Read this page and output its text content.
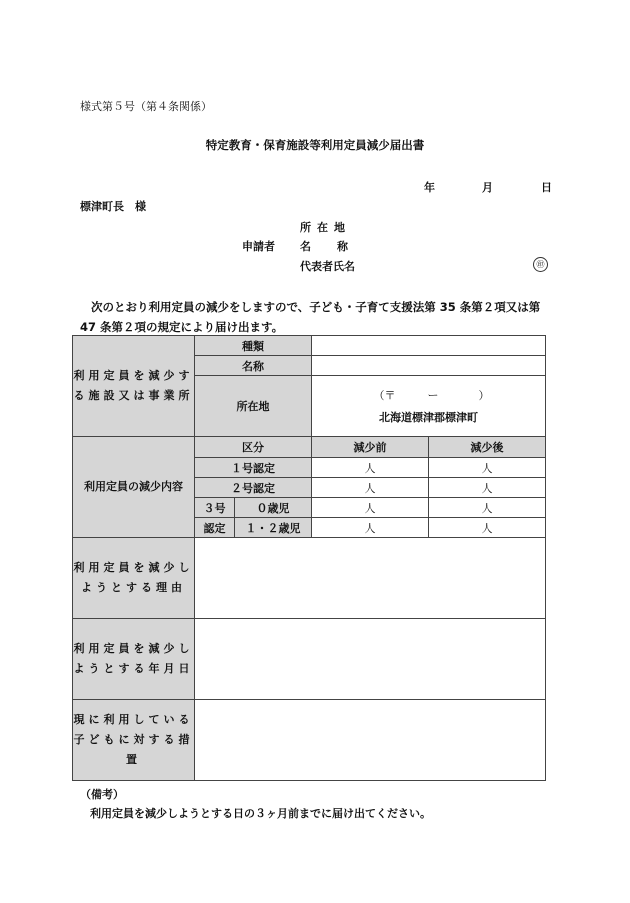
様式第５号（第４条関係）
特定教育・保育施設等利用定員減少届出書
年	月	日
標津町長　様
所在地
申請者 名 称
代表者氏名	㊞
次のとおり利用定員の減少をしますので、子ども・子育て支援法第 35 条第２項又は第 47 条第２項の規定により届け出ます。
利用定員を減少する施設又は事業所	種類			
	名称			
	所在地		（〒 ー ）
北海道標津郡標津町	

利用定員の減少内容	区分		減少前	減少後
	１号認定		人	人
	２号認定		人	人
	３号	０歳児	人	人
	認定	１・２歳児	人	人
利用定員を減少しようとする理由				
利用定員を減少しようとする年月日				
現に利用している子どもに対する措置				
（備考）
利用定員を減少しようとする日の３ヶ月前までに届け出てください。
